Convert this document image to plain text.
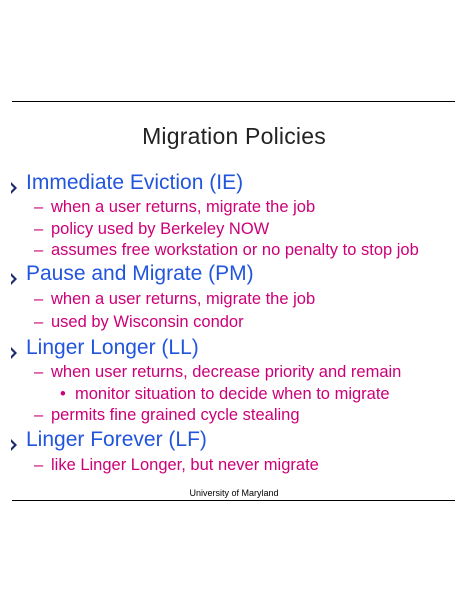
Migration Policies
Immediate Eviction (IE)
– when a user returns, migrate the job
– policy used by Berkeley NOW
– assumes free workstation or no penalty to stop job
Pause and Migrate (PM)
– when a user returns, migrate the job
– used by Wisconsin condor
Linger Longer (LL)
– when user returns, decrease priority and remain
• monitor situation to decide when to migrate
– permits fine grained cycle stealing
Linger Forever (LF)
– like Linger Longer, but never migrate
University of Maryland
